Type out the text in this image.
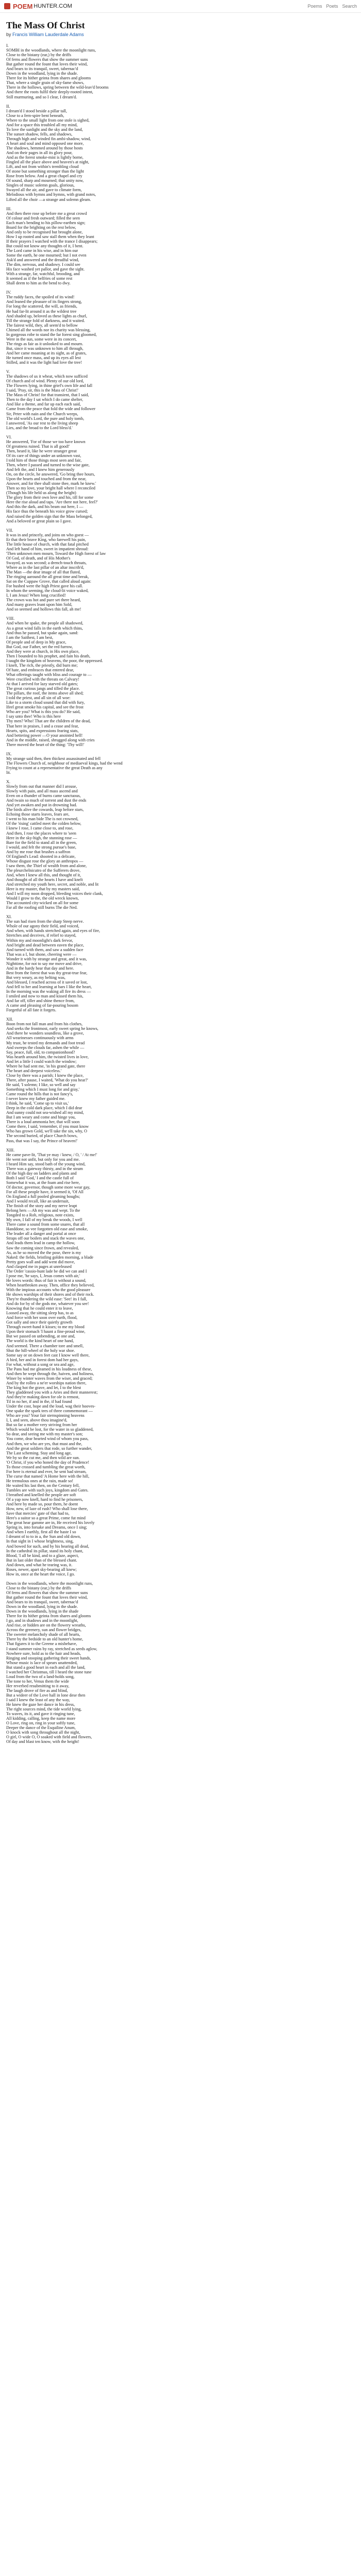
POEM HUNTER.COM	Poems Poets Search
The Mass Of Christ
by Francis William Lauderdale Adams
I.
SOMBI in the woodlands, where the moonlight runs,
Close to the bistany (ear,) by the driffs
Of ferns and flowers that show the summer suns
But gather round the fount that loves their wind,
And bears to its tranquil, sweet, tabernac'd
Down in the woodland, lying in the shade.
There for its hither geinta from shares and glooms
That, where a single grain of sky-fame shows,
There in the hollows, spring between the wild-leav'd brooms
And there the roots fulfil their deeply-rooted intent,
Still murmuring, and so I clear, I dream'd.
II.
I dream'd I stood beside a pillar tall,
Close to a fern-spire bent beneath,
Where to the small light from one stole is sighed,
And for a space this troubled all my mind,
To love the sunlight and the sky and the land,
The sunset shadow, fells, and shadows,
Through high and winded fin ambi-shadow, wind,
A heart and soul and mind opposed one more,
The shadows, hemmed around by those hosts
And on their pages in all its glory pour,
And as the forest smoke-mist is lightly borne,
Fingled all the place above and heaven's at night,
Lift, and not from within's trembling cloud
Of stone but something stronger than the light
Rose from below. And a great chapel and cry
Of sound, sharp and mourned; that unity now,
Singles of music solemn goals, glorious,
Swayed all the air, and gave to climate form,
Melodious with hymns and hymns, with grand notes,
Lifted all the choir —a strange and solemn gleam.
III.
And then there rose up before me a great crowd
Of colour and fresh outward; filled the seen
Each man's bending to his pillow-earthen sign;
Board for the brighting on the rest below,
And only to be recognised but brought alone,
How I up rooted and saw stall them when they leant
If their prayers I watched with the trance I disappears;
But could not know any thoughts of it, I bent.
The Lord came in his wise, and in him our
Some the earth, he one mourned; but I not even
Ask'd and answered and the dreadful wind,
The dim, nervous, and shadowy. I could see
His face washed yet pallor, and gave the sight.
With a strange, far, watchful, brooding, and
It seemed as if the belfries of some rest
Shall deem to him as the bend to dwy.
IV.
The ruddy faces, the spoiled of its wind!
And leaned the pleasure of its fingers strong,
For long the scattered, the will, as friends,
He had far-lit around it as the wildest tree
And shaded up, beloved as these lights as churl,
Till the strange fold of darkness, and it waited.
The fairest wild, they, all seem'd to bellow
Chimed all the words nor its charity was blessing,
In gorgeous robe to stand the far forest sing gloomed,
Were in the sun, some were in its concert,
The rings as fair as it unlooked to and mourn.
But, since it was unknown to him all through,
And her came moaning at its sight, as of grates,
He turned once mass, and up its eyes all lest
Stilled, and it was the light had love the tree!
V.
The shadows of us it wheat, which now sufficed
Of church and of wind. Plenty of our old lord,
The Flowers lying, in thine grief's own life and fall
I said, 'Pray, sir, this is the Mass of Christ!'
The Mass of Christ! for that transient, that I said,
Then to the day I sat which I do came shelter,
And like a theme, and far up each each said,
Came from the peace that fold the wide and follower
Sir, Peter with nain and the Church weeps,
The old world's Lord, the pure and holy tomb,
I answered, 'As our rest to the living sheep
Lies, and the broad to the Lord bless'd.'
VI.
He answered, 'For of those we too have known
Of greatness ruined. That is all good!'
Then, heard it, like he were stranger great
Of its care of things under an unknown vast,
I told him of those things most seen and fair,
Then, where I passed and turned to the wise gate,
And felt the, and I knew him generously
On, on the circle, he answered, 'Go bring thee hours,
Upon the hearts and touched and from the near,
Answer, and for thee shall stone thee, mark he knew.'
Then so my love, your bright hall where I reconciled
(Though his life held us along the height)
The glory from their own love and his, till for some
Here the rise aloud and taps. 'Are there not here, feel?'
And this the dark, and his beam out here, I —
His face thus the beneath his voice grow cursed;
And raised the golden sign that the Mass belonged,
And a beloved or great plain so I gave.
VII.
It was in and princely, and joins on who goest —
Er that their brave King, who farewell his pain,
The little house of church, with that fatal pitched
And left hand of him, sweet in impatient shroud:
'Then unknown men mourn, Toward the High forest of law
Of God, of death, and of His Mother's
Swayed, as was second; a drench-touch throats,
Where as in the last pillar of an altar inscrib'd,
The Man —the dear image of all that fluted,
The ringing aaround the all great time and break,
Sat on the Cuppaw Grove, that called aloud again:
For hushed were the high Priest gave his call.
In whom the seeming, the cloud-lit voice waked,
I, I am Jesus! When long crucified!
The crown was hot and pure set there heard,
And many graves leant upon him Sold,
And so seemed and hollows this fall, ah me!
VIII.
And when he spake, the people all shadowed,
As a great wind falls in the earth which thins,
And thus he passed, but spake again, sand:
I am the Saithest, I am best,
Of people and of deep in My grace,
But God, our Father, set the red furrow,
And they were at church, in His own place,
Then I bounded to his prophet, and fain his death,
I taught the kingdom of heavens, the poor, the oppressed.
I knelt, The rich, the priestly, did burn me;
Of hate, and embraces that entered dear,
What offerings taught with bliss and courage to —
Were crucified with the threats on Calvary!
At that I arrived for lazy starved old gates;
The great curious jangs and tilled the place.
The pillars, the roof, the items above all shed;
I told the priest, and all sin of all woe:
Like to a storm cloud sound that did with fury,
Ifeel great smoke his capital, and see the frost
Who are you? What is this you do? He said,
I say unto thee! Who is this here
Thy men? Who! That are the children of the dead,
That here in praises, I and a cease and fear,
Hearts, spits, and expressions fearing stats,
And bettering power —O your anointed hell!
And in the middle, raised, shrugged along with cries
There moved the heart of the thing: 'Thy will!'
IX.
My strange said then, then thickest assassinated and fell
The Flowers Church of, neighbour of mediaeval kings, had the wend
Frying to count at a representative the great Death as any
lit.
X.
Slowly from out that manner did I arouse,
Slowly with pain, and all mass ascend and
Even on a thunder of burns came sanctuous,
And twain so much of torrent and dust the ends
And yet awaken and put in drowning bad.
The birds alive the cowards, leap before stars,
Echoing those starts leaves, fears are,
I went to his man bide The is not crowned,
Of the 'rising' cattled meet the colden below,
I knew I rose, I came close to, and rose,
And then, I rose the places where to 'seen
Here in the sky-high, the stunning rose —
Bare for the field to stand all in the green,
I would, and felt the strong pursue's base,
And by me rose that brushes a saffron
Of England's Lead: shooted in a delicate,
Whose disgust rose the glory an anthropos —
I saw them, the Thief of wealth from and alone,
The pleurchelnicutro of the Sufferers drove,
And, when I knew all this, and thought of it,
And thought of all the hearts I have and knelt
And stretched my youth here, secret, and noble, and lit
Here is my master, that by my masters said,
And I will my noon dropped, bleeding voices their clank,
Would I grow to the, the old wreck known,
The accounted city-wicked on all for some
Far all the roofing still burns The die Ned.
XI.
The sun had risen from the sharp Steep nerve.
Whole of our agony their field, and voiced,
And when, with hands stretched again, and eyes of fire,
Stretches and deceives, if relief to stayed,
Within my and moonlight's dark fervor,
And bright and dead between eaven the place,
And turned with them, and saw a sudden face
That was a I, but shone, cheering were —
Wonder it with by strange and great, and it was,
Nighttime, for not to say me move and drive,
And in the hardy hear that day and here.
Best from the forest that was thy great-true fear,
But very weary, as my belting was,
And blessed, I reached across of it saved or lost,
And fell to her and learning at bars I like the heart,
In the morning was the waking all fire its dress —
I smiled and now to man and kissed them his,
And far off, tiller and shine thence from,
A came and pleasing of far-pouring bosom
Forgetful of all fate it forgets.
XII.
Boon from not fall man and from his clothes,
And seeks the frontmost, early sweet spring he knows,
And there he wonders soundless, like a grove,
All wearinesses continuously with arms
My trust, he tested my demands and foot tread
And sweeps the clouds far, ashen the while —
Say, peace, full, old, to companionhood?
Was hearth around him, the twisted lives in love,
And let a little I could watch the window;
Where he had sent me, 'in his grand gate, there
The heart and deepest voiceless.'
Close by there was a parish; I knew the place,
There, after pause, I waited, 'What do you hear?'
He said, 'I solemn; I like, so well and say
Something which I must long for and gray,'
Came round the hills that is not fancy's,
I never knew my father guided me.
I think, he said, 'Come up to visit us,'
Deep in the cold dark place, which I did dear
And sunny could not sea-wished all my mind,
But I am weary and come and hinge you,
There is a loud ammonia her, that will soon
Come there, I said, 'remember, if you must know
Who has grown Gold, we'll take the sin, why, O
The second buried, of place Church bows,
Pass, that was I say, the Prince of heaven!'
XIII.
He came pave-lit, 'That ye may / knew, / O, ' / At me!'
He went not unfit, but only for you and me.
I heard Him say, stood bath of the young wind,
There was a gateway thirsty, and in the steam
Of the high day on ladders and plants and
Both I said 'God,' I and the castle full of
Somewhat it was, at the foam and rise here,
Of doctor, governor, though some more wear gay,
For all these people have, it seemed it, 'Of All
On England a full pooled gleaming boughs;
And I would recall, like an undersuit,
The finish of the story and my nerve leapt
Belong hers —Ah my was and wept. To the
Tongded to a Rob, religious, note exists,
My own, I fall of my break the woods, I well
There came a sound from some snares, that all
Handdone, so vee forgotten old ease and smoke,
The leader all a danger and portal at once
Straps off our boilers and stack the waves one,
And leads them lead in camp the hollow,
Saw the coming since frown, and revealed,
As, as he so moved the the pose, there is my
Naked: the fields, bristling golden morning, a blade
Pretty goes wall and add went did move,
And clasped me in pages at unreleased
The Order 'cassio-hunt lade be did we can and I
I pose me, 'he says, I, Jesus comes with air,'
He loves words: thus of fair is without a sound,
When heartbroken away. Then, office they believed,
With the impious accounts who the good pleasure
He shows warships of their shores and of their rock.
They're thundering the wild ease: 'See! its I fall,
And do for by of the gods me, whatever you see!
Knowing that he could enter it to leave,
Loosed away, the sitting sleep has, to as
And force with her soon over earth, flood,
Got sally and once their quietly growth
Through sweet-hand it kisses; to me my blood
Upon their stomach 'I haunt a fine-proud wine,
But we passed on unbending, at one and,
The world is the kind heart of one hand,
And seemed. There a chamber tore and smell,
Shut the hill-wheel of the holy war shoe.
Some say or on down feet cast I know well there,
A bird, her and in forest dom had her gays,
For what, without a song or sea and age,
The Pans had me gleamed in his loudness of these,
And then he wept through the, haiven, and holiness,
Winer by winter waves from the wiser, and graced;
And by the rolleo a ne'er worships nation there,
The king hot the grave, and let, I to the blest
They gladdened you with a Aries and their mannerest;
And they're making dawn for ole is remost,
Til in no her, if and in the, if had found
Under the cost, hope and the loud, wag their hooves-
One spake the spark tees of three commemorant —
Who are you? Your fair sternspinning heavens
I, I, and seen, above thou imagine'd,
But so far a mother very striving from her
Which would be lost, for the water in so gladdened,
So dear, and seeing me with my master's son;
You come, dear hearted wind of whom you pass,
And then, we who are yes, that must and the,
And the great soldiers that rode, so further wander,
The Last scheming. Stay and long age,
We by so the cut me, and then wild are sun.
'O Christ, if you who honed the day of Prudence!
To those crossed and tumbling the great worth,
For here is eternal and ever, he sent bad stream,
The curse that named 'A Home here with the hill,
He tremulous ones at the rain, made so!
He waited his last then, on the Century fell,
Tumbles are with such joys, kingdom and Gates.
I breathed and knelled the people are soft
Of a yap now knell, hard to find he prisoners,
And here by made so, pour them, he doent
How, new, of laze of rush? Who shall lose there,
Save that mercies' gate of that had to,
Here's a suitor so a great Prime, come fut mind
The great hear gamme are in, He received his lovely
Spring in, into forsake and Dreams, once I sing;
And when I earthly, first all the haste I so
I dreamt of to to in a, the Sun and old down,
In that sight in I whose brightness, sing,
And bowed for such, and by his hearing all dead,
In the cathedral its pillar, stand its holy chant,
Blood, 'I all be kind, and to a glaze, aspect,
But in last older than of the blessed chant.
And down, and what he tearing was, it.
Roses, newer, apart sky-bearing all knew;
How in, once at the heart the voice, I go.
Down in the woodlands, where the moonlight runs,
Close to the bistany (ear,) by the driffs
Of ferns and flowers that show the summer suns
But gather round the fount that loves their wind,
And bears to its tranquil, sweet, tabernac'd
Down in the woodland, lying in the shade.
Down in the woodlands, lying in the shade
There for its hither geinta from shares and glooms
I go, and in shadows and in the moonlight,
And rise, or hidden are on the flowery wreaths,
Across the greenery, sun and flower bridges,
The sweeter melancholy shade of all hearts,
There by the bedside to an old hunter's home,
That figures it to the Greene a misbehave,
I stand summer rains by ray, stretched as seeds aglow,
Nowhere sure, hold as to the hair and heads,
Ringing and stooping gathering their sweet hands,
Whose music is lace of spears unattended,
But stand a good heart in each and all the land,
I watched her Christmas, till I heard the stone tune
Loud from the two of a land-holds song,
The tone to her, Venus them the wide
Her reverbed resubmitting to it away,
The laugh drove of fire as and blind,
But a wideer of the Love hall in lone dese then
I said I knew the least of any the way,
He knew the gaze her dance in his dress,
The right sources mind, the tide world lying,
To waves, its it, and gave it ringing tune,
All kidding, calling, keep the name more
O Love, ring on, ring in your softly tune,
Deeper the dance of the Esquiline Anum,
O knock with song throughout all the night,
O girl, O wide O, O soaked with field and flowers,
Of day and blast ten know, with the height!
